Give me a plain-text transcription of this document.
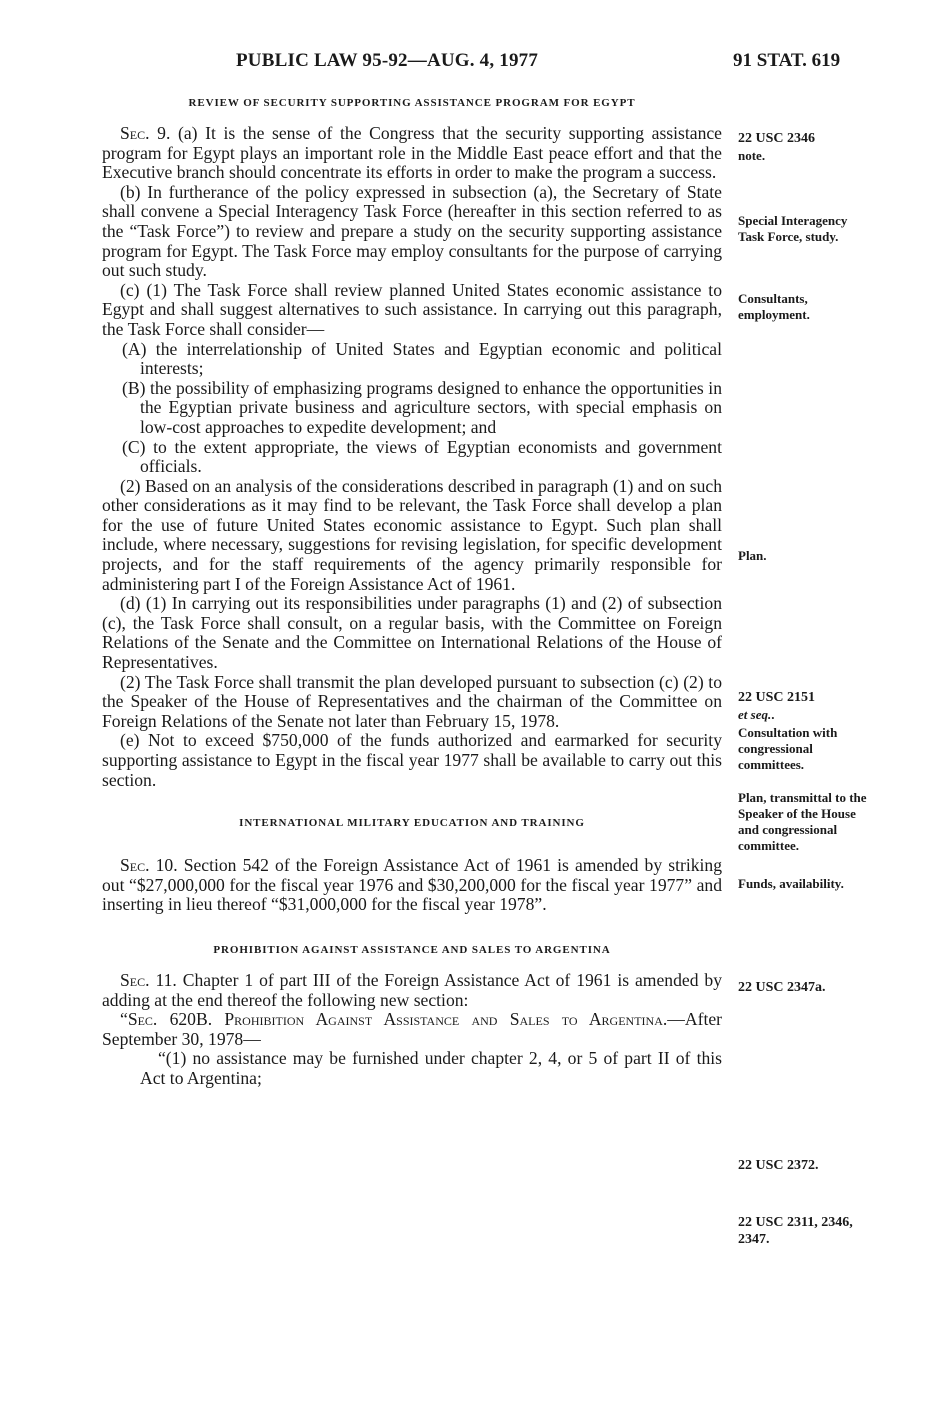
PUBLIC LAW 95-92—AUG. 4, 1977	91 STAT. 619
REVIEW OF SECURITY SUPPORTING ASSISTANCE PROGRAM FOR EGYPT

Sec. 9. (a) It is the sense of the Congress that the security supporting assistance program for Egypt plays an important role in the Middle East peace effort and that the Executive branch should concentrate its efforts in order to make the program a success.

(b) In furtherance of the policy expressed in subsection (a), the Secretary of State shall convene a Special Interagency Task Force (hereafter in this section referred to as the “Task Force”) to review and prepare a study on the security supporting assistance program for Egypt. The Task Force may employ consultants for the purpose of carrying out such study.

(c) (1) The Task Force shall review planned United States economic assistance to Egypt and shall suggest alternatives to such assistance. In carrying out this paragraph, the Task Force shall consider—

(A) the interrelationship of United States and Egyptian economic and political interests;

(B) the possibility of emphasizing programs designed to enhance the opportunities in the Egyptian private business and agriculture sectors, with special emphasis on low-cost approaches to expedite development; and

(C) to the extent appropriate, the views of Egyptian economists and government officials.

(2) Based on an analysis of the considerations described in paragraph (1) and on such other considerations as it may find to be relevant, the Task Force shall develop a plan for the use of future United States economic assistance to Egypt. Such plan shall include, where necessary, suggestions for revising legislation, for specific development projects, and for the staff requirements of the agency primarily responsible for administering part I of the Foreign Assistance Act of 1961.

(d) (1) In carrying out its responsibilities under paragraphs (1) and (2) of subsection (c), the Task Force shall consult, on a regular basis, with the Committee on Foreign Relations of the Senate and the Committee on International Relations of the House of Representatives.

(2) The Task Force shall transmit the plan developed pursuant to subsection (c) (2) to the Speaker of the House of Representatives and the chairman of the Committee on Foreign Relations of the Senate not later than February 15, 1978.

(e) Not to exceed $750,000 of the funds authorized and earmarked for security supporting assistance to Egypt in the fiscal year 1977 shall be available to carry out this section.

INTERNATIONAL MILITARY EDUCATION AND TRAINING

Sec. 10. Section 542 of the Foreign Assistance Act of 1961 is amended by striking out “$27,000,000 for the fiscal year 1976 and $30,200,000 for the fiscal year 1977” and inserting in lieu thereof “$31,000,000 for the fiscal year 1978”.

PROHIBITION AGAINST ASSISTANCE AND SALES TO ARGENTINA

Sec. 11. Chapter 1 of part III of the Foreign Assistance Act of 1961 is amended by adding at the end thereof the following new section:

“Sec. 620B. Prohibition Against Assistance and Sales to Argentina.—After September 30, 1978—

“(1) no assistance may be furnished under chapter 2, 4, or 5 of part II of this Act to Argentina;

22 USC 2346
note.
Special Interagency Task Force, study.
Consultants, employment.
Plan.
22 USC 2151
et seq..
Consultation with congressional committees.
Plan, transmittal to the Speaker of the House and congressional committee.
Funds, availability.
22 USC 2347a.
22 USC 2372.
22 USC 2311, 2346, 2347.
